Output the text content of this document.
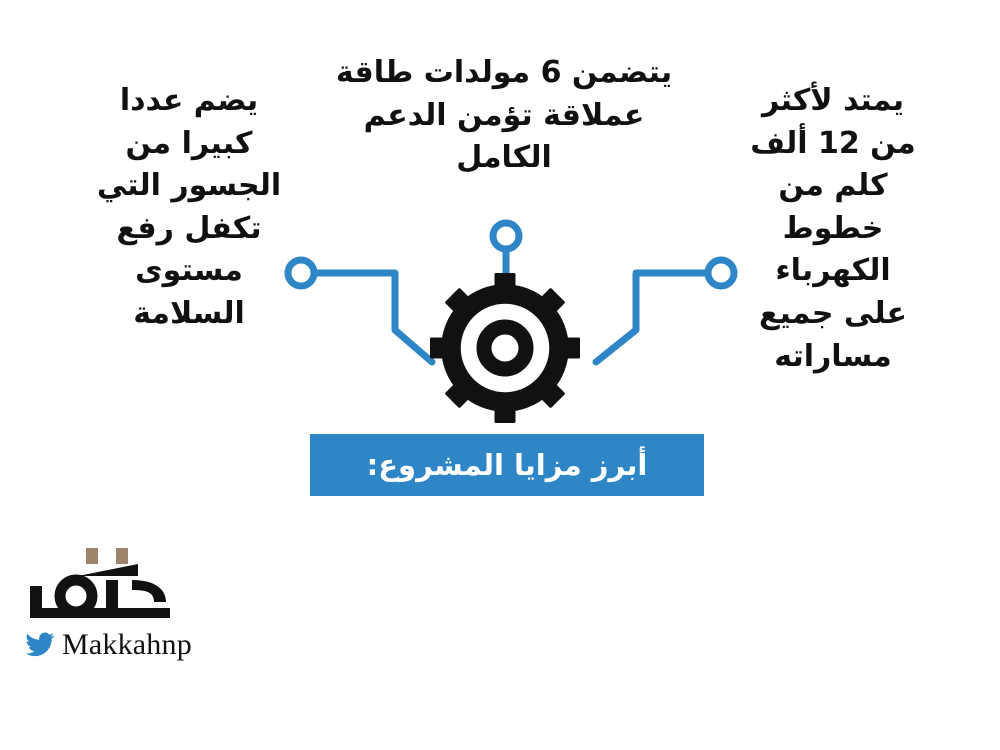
يتضمن 6 مولدات طاقة عملاقة تؤمن الدعم الكامل
يمتد لأكثر من 12 ألف كلم من خطوط الكهرباء على جميع مساراته
يضم عددا كبيرا من الجسور التي تكفل رفع مستوى السلامة
أبرز مزايا المشروع:
Makkahnp
